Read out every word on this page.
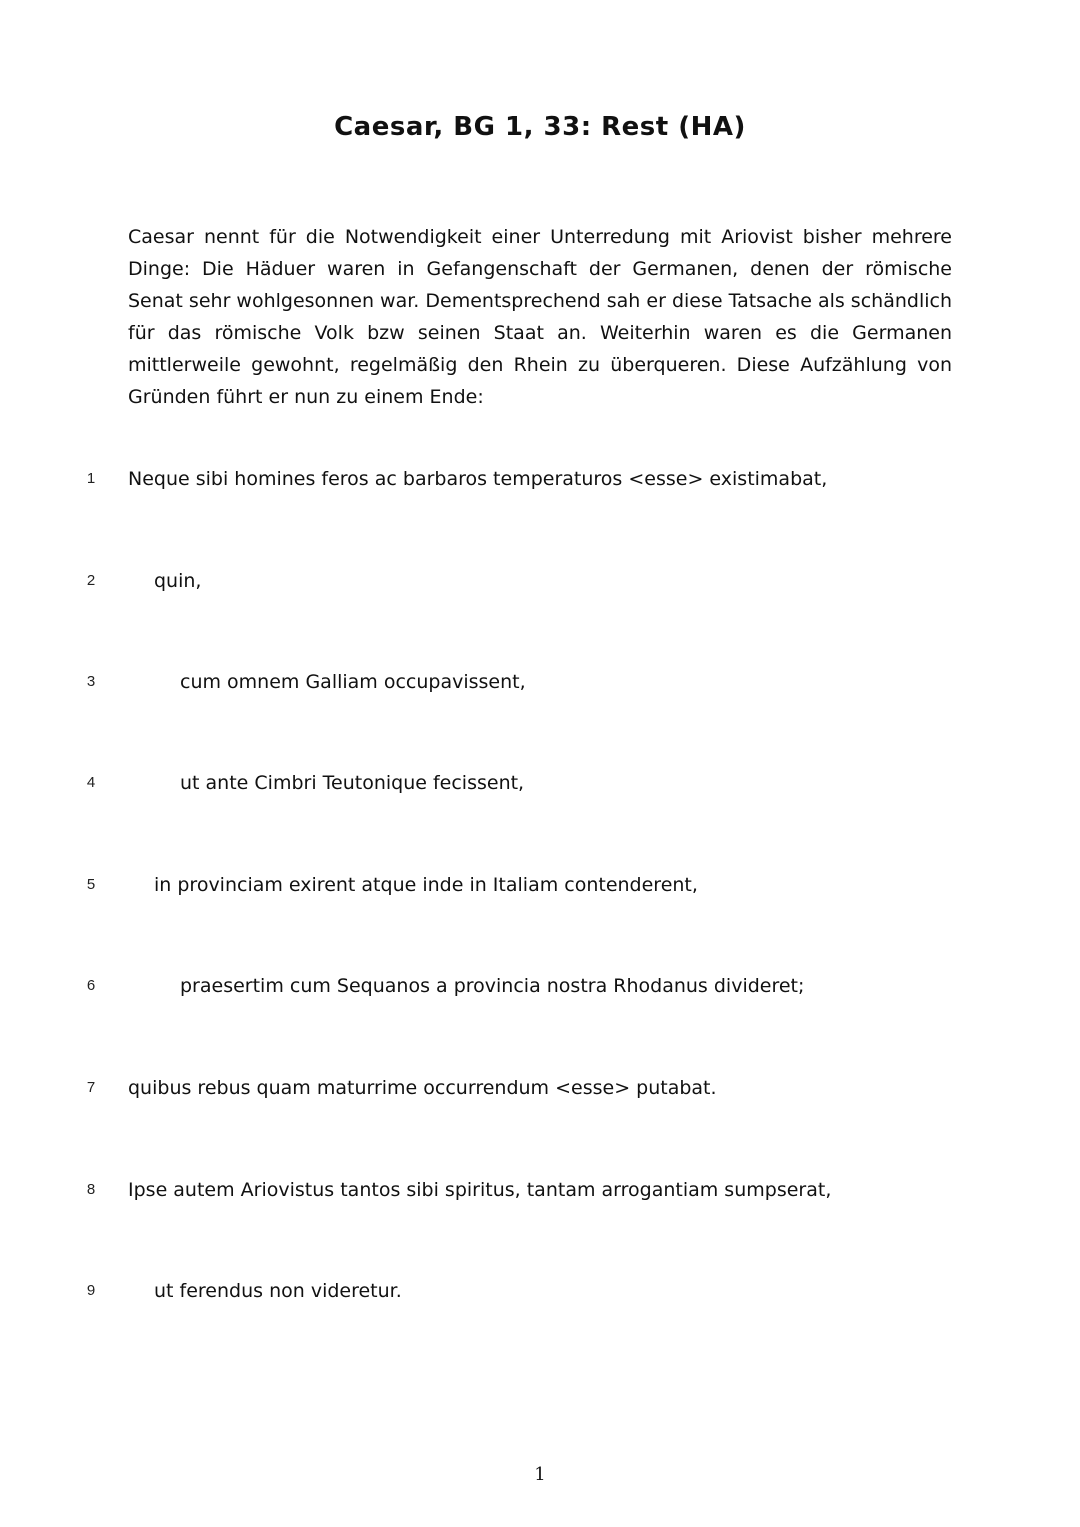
Caesar, BG 1, 33: Rest (HA)

Caesar nennt für die Notwendigkeit einer Unterredung mit Ariovist bisher mehrere Dinge: Die Häduer waren in Gefangenschaft der Germanen, denen der römische Senat sehr wohlgesonnen war. Dementsprechend sah er diese Tatsache als schändlich für das römische Volk bzw seinen Staat an. Weiterhin waren es die Germanen mittlerweile gewohnt, regelmäßig den Rhein zu überqueren. Diese Aufzählung von Gründen führt er nun zu einem Ende:

1 Neque sibi homines feros ac barbaros temperaturos <esse> existimabat,
2	quin,
3	cum omnem Galliam occupavissent,
4	ut ante Cimbri Teutonique fecissent,
5	in provinciam exirent atque inde in Italiam contenderent,
6	praesertim cum Sequanos a provincia nostra Rhodanus divideret;
7 quibus rebus quam maturrime occurrendum <esse> putabat.
8 Ipse autem Ariovistus tantos sibi spiritus, tantam arrogantiam sumpserat,
9	ut ferendus non videretur.
1
